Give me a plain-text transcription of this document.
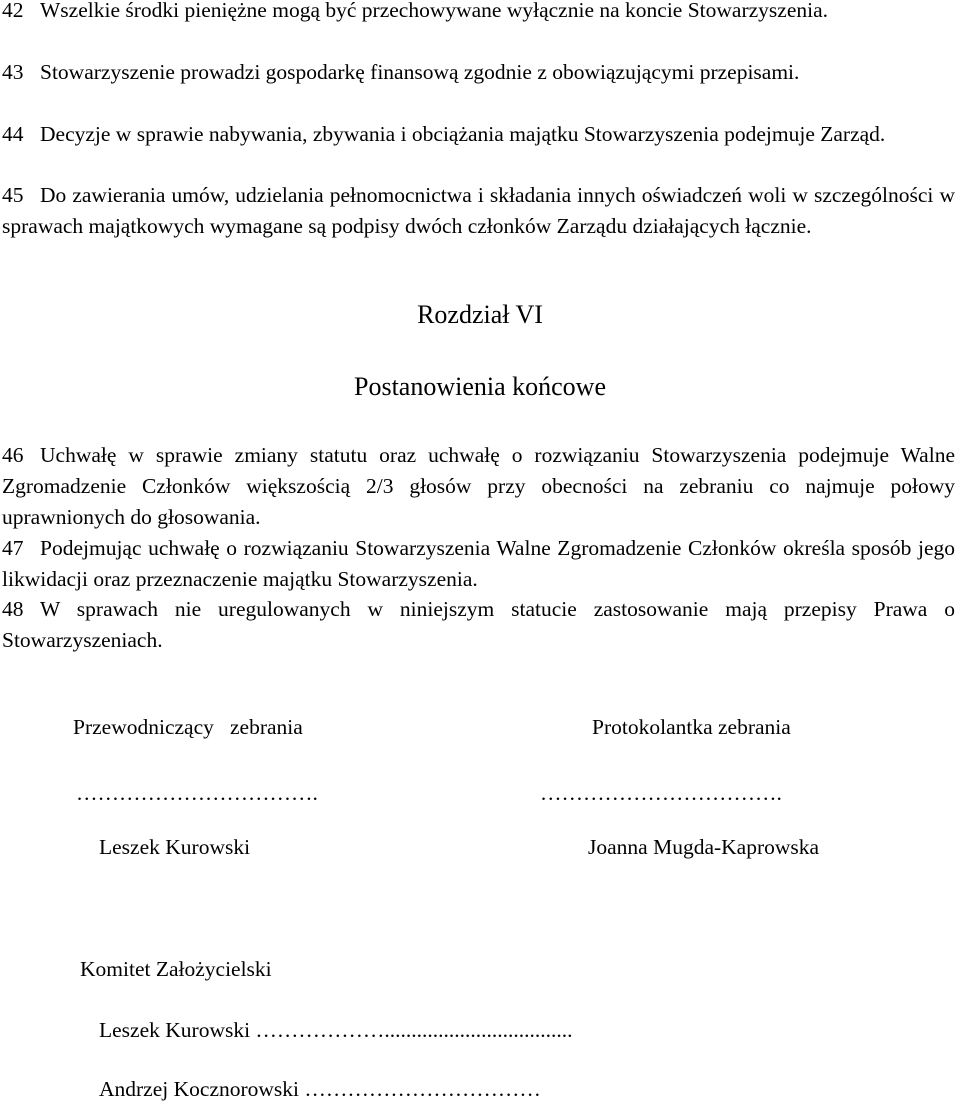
42 Wszelkie środki pieniężne mogą być przechowywane wyłącznie na koncie Stowarzyszenia.
43 Stowarzyszenie prowadzi gospodarkę finansową zgodnie z obowiązującymi przepisami.
44 Decyzje w sprawie nabywania, zbywania i obciążania majątku Stowarzyszenia podejmuje Zarząd.
45 Do zawierania umów, udzielania pełnomocnictwa i składania innych oświadczeń woli w szczególności w sprawach majątkowych wymagane są podpisy dwóch członków Zarządu działających łącznie.
Rozdział VI
Postanowienia końcowe
46 Uchwałę w sprawie zmiany statutu oraz uchwałę o rozwiązaniu Stowarzyszenia podejmuje Walne Zgromadzenie Członków większością 2/3 głosów przy obecności na zebraniu co najmuje połowy uprawnionych do głosowania.
47 Podejmując uchwałę o rozwiązaniu Stowarzyszenia Walne Zgromadzenie Członków określa sposób jego likwidacji oraz przeznaczenie majątku Stowarzyszenia.
48 W sprawach nie uregulowanych w niniejszym statucie zastosowanie mają przepisy Prawa o Stowarzyszeniach.
Przewodniczący   zebrania	Protokolantka zebrania
…………………………….	…………………………….
Leszek Kurowski	Joanna Mugda-Kaprowska
Komitet Założycielski
Leszek Kurowski ………………...................................
Andrzej Kocznorowski ……………………………
